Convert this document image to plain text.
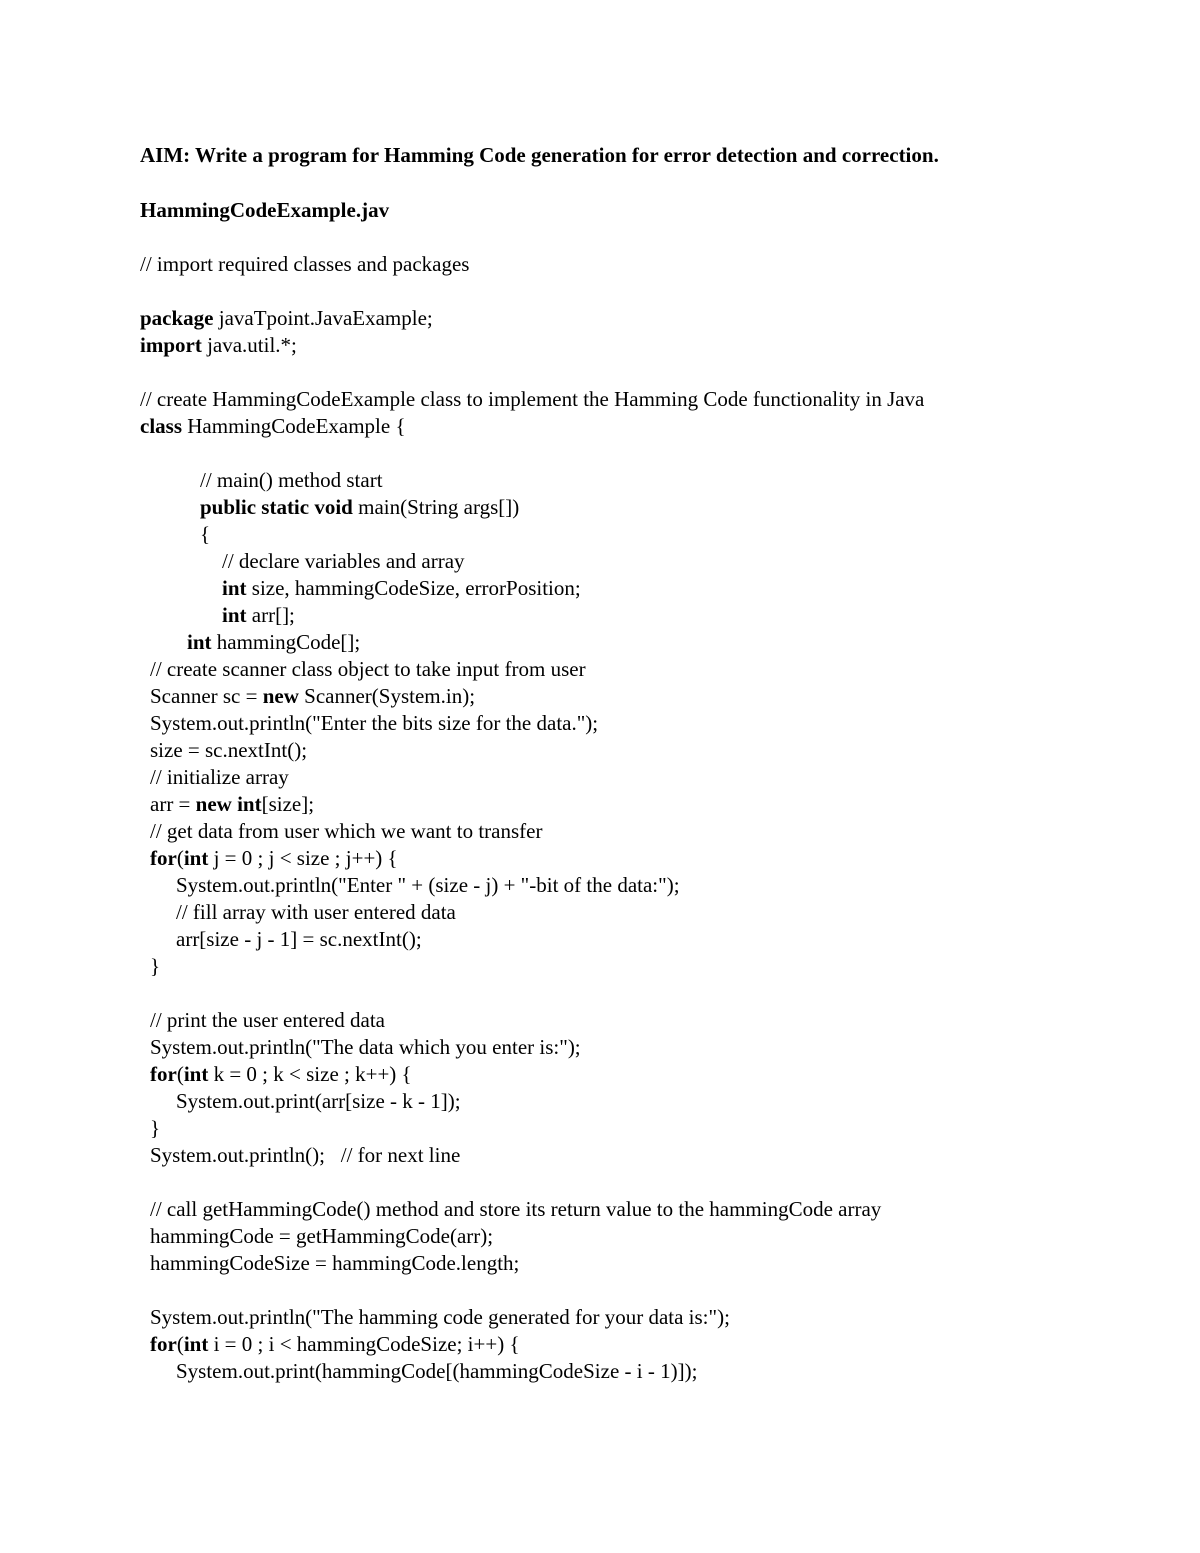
AIM: Write a program for Hamming Code generation for error detection and correction.
HammingCodeExample.jav
// import required classes and packages
package javaTpoint.JavaExample;
import java.util.*;
// create HammingCodeExample class to implement the Hamming Code functionality in Java
class HammingCodeExample {
// main() method start
public static void main(String args[])
{
// declare variables and array
int size, hammingCodeSize, errorPosition;
int arr[];
int hammingCode[];
// create scanner class object to take input from user
Scanner sc = new Scanner(System.in);
System.out.println("Enter the bits size for the data.");
size = sc.nextInt();
// initialize array
arr = new int[size];
// get data from user which we want to transfer
for(int j = 0 ; j < size ; j++) {
System.out.println("Enter " + (size - j) + "-bit of the data:");
// fill array with user entered data
arr[size - j - 1] = sc.nextInt();
}
// print the user entered data
System.out.println("The data which you enter is:");
for(int k = 0 ; k < size ; k++) {
System.out.print(arr[size - k - 1]);
}
System.out.println();   // for next line
// call getHammingCode() method and store its return value to the hammingCode array
hammingCode = getHammingCode(arr);
hammingCodeSize = hammingCode.length;
System.out.println("The hamming code generated for your data is:");
for(int i = 0 ; i < hammingCodeSize; i++) {
System.out.print(hammingCode[(hammingCodeSize - i - 1)]);
